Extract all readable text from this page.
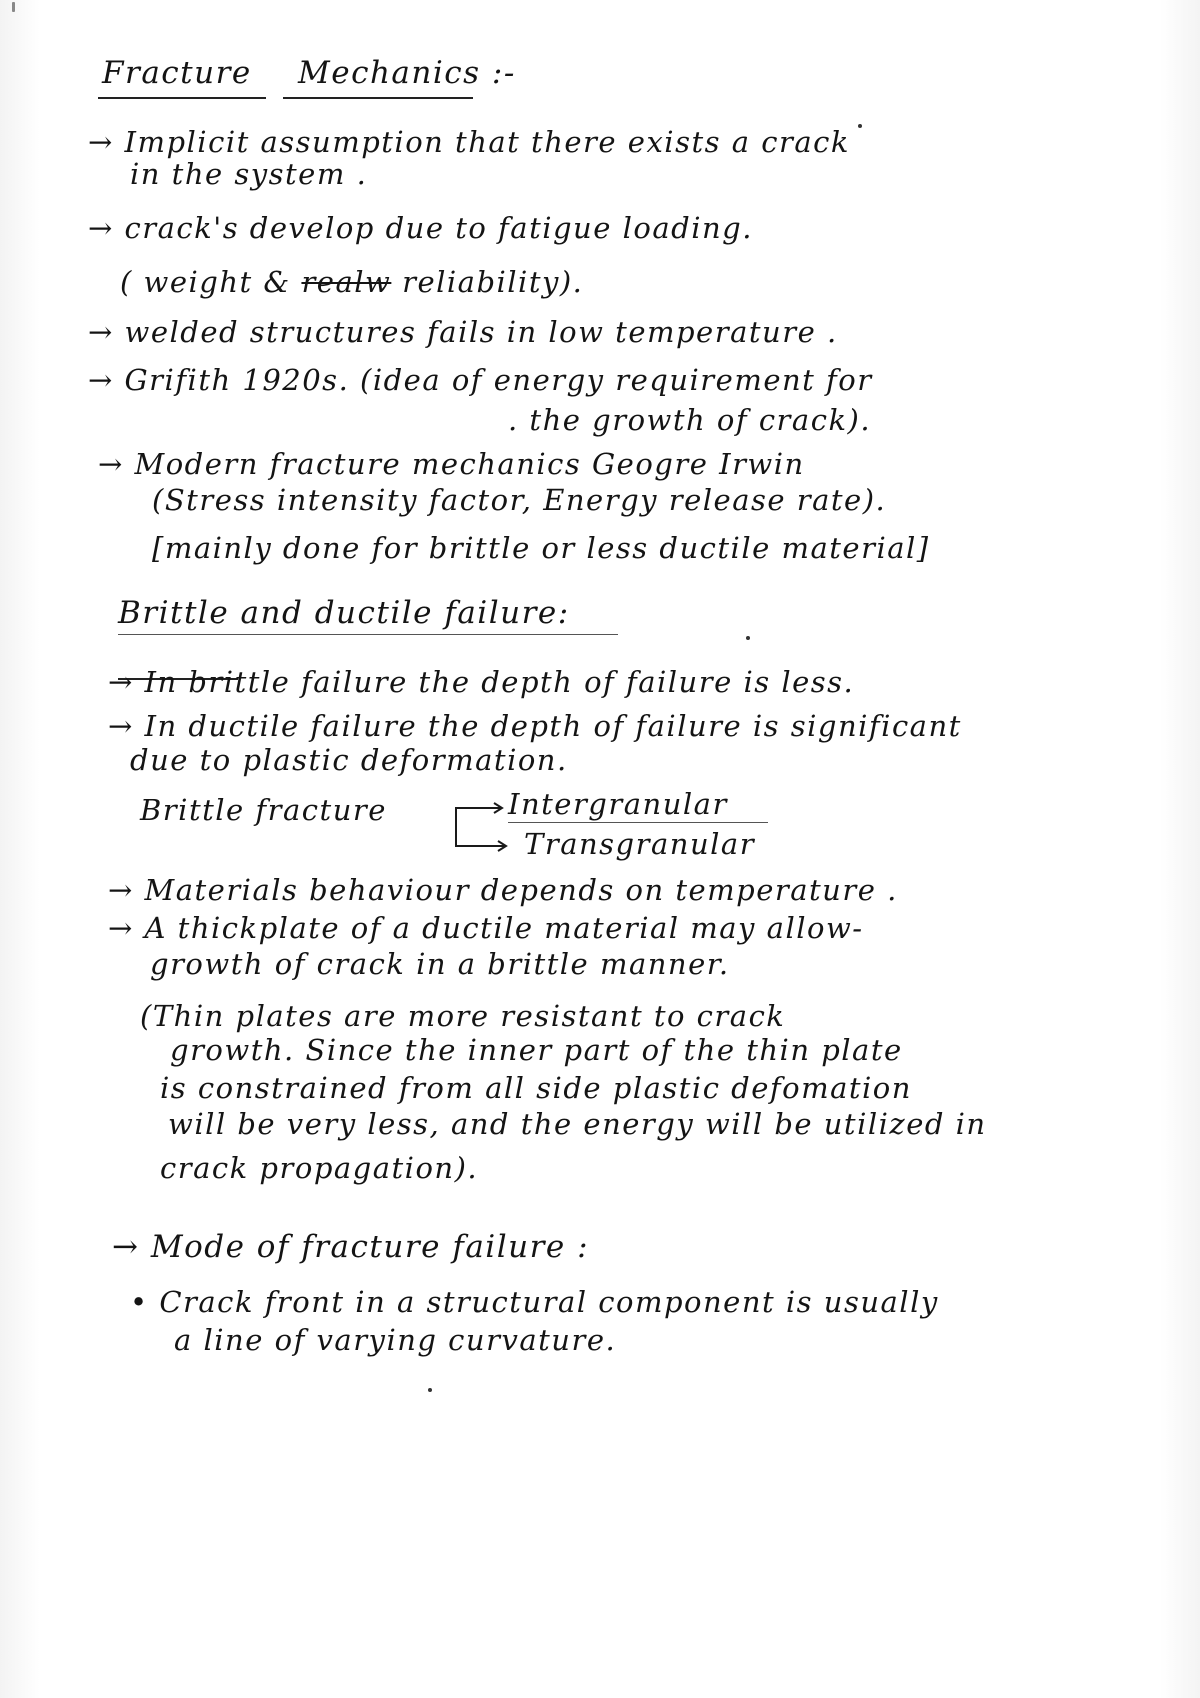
Fracture Mechanics :-
→ Implicit assumption that there exists a crack
in the system .
→ crack's develop due to fatigue loading.
( weight & realw reliability).
→ welded structures fails in low temperature .
→ Grifith 1920s. (idea of energy requirement for
. the growth of crack).
→ Modern fracture mechanics Geogre Irwin
(Stress intensity factor, Energy release rate).
[mainly done for brittle or less ductile material]
Brittle and ductile failure:
→ In brittle failure the depth of failure is less.
→ In ductile failure the depth of failure is significant
due to plastic deformation.
Brittle fracture	Intergranular
Transgranular
→ Materials behaviour depends on temperature .
→ A thickplate of a ductile material may allow-
growth of crack in a brittle manner.
(Thin plates are more resistant to crack
growth. Since the inner part of the thin plate
is constrained from all side plastic defomation
will be very less, and the energy will be utilized in
crack propagation).
→ Mode of fracture failure :
• Crack front in a structural component is usually
a line of varying curvature.
